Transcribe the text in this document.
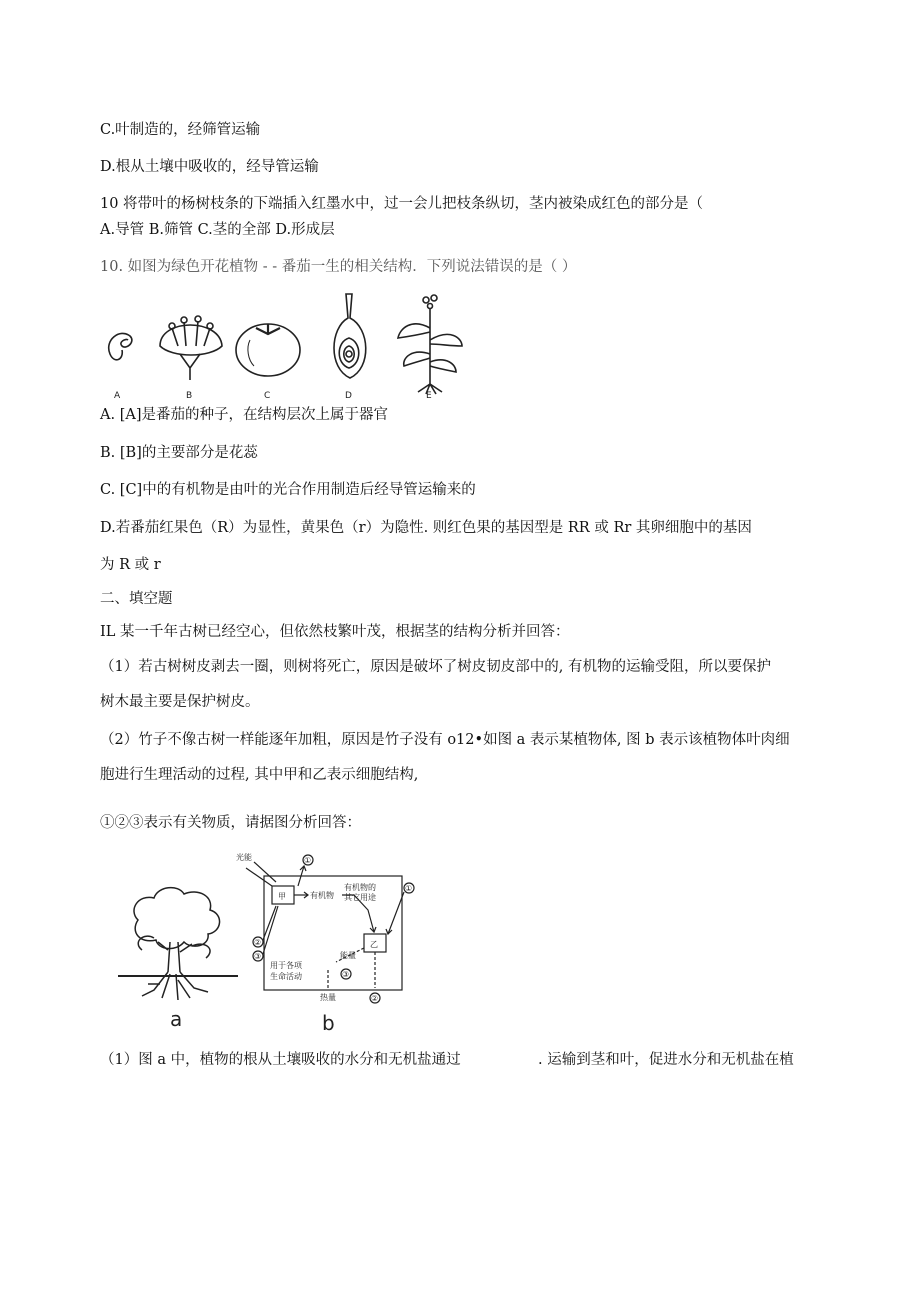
C.叶制造的，经筛管运输
D.根从土壤中吸收的，经导管运输
10 将带叶的杨树枝条的下端插入红墨水中，过一会儿把枝条纵切，茎内被染成红色的部分是（
A.导管 B.筛管 C.茎的全部 D.形成层
10. 如图为绿色开花植物 - - 番茄一生的相关结构．下列说法错误的是（ ）
A	B	C	D	E
A. [A]是番茄的种子，在结构层次上属于器官
B. [B]的主要部分是花蕊
C. [C]中的有机物是由叶的光合作用制造后经导管运输来的
D.若番茄红果色（R）为显性，黄果色（r）为隐性. 则红色果的基因型是 RR 或 Rr 其卵细胞中的基因
为 R 或 r
二、填空题
IL 某一千年古树已经空心，但依然枝繁叶茂，根据茎的结构分析并回答：
（1）若古树树皮剥去一圈，则树将死亡，原因是破坏了树皮韧皮部中的, 有机物的运输受阻，所以要保护
树木最主要是保护树皮。
（2）竹子不像古树一样能逐年加粗，原因是竹子没有 o12•如图 a 表示某植物体, 图 b 表示该植物体叶肉细
胞进行生理活动的过程, 其中甲和乙表示细胞结构,
①②③表示有关物质，请据图分析回答：
a
光能
甲	有机物
有机物的
其它用途
乙
能量
用于各项
生命活动
热量
①
①
②
③
③
②
b
（1）图 a 中，植物的根从土壤吸收的水分和无机盐通过	. 运输到茎和叶，促进水分和无机盐在植
